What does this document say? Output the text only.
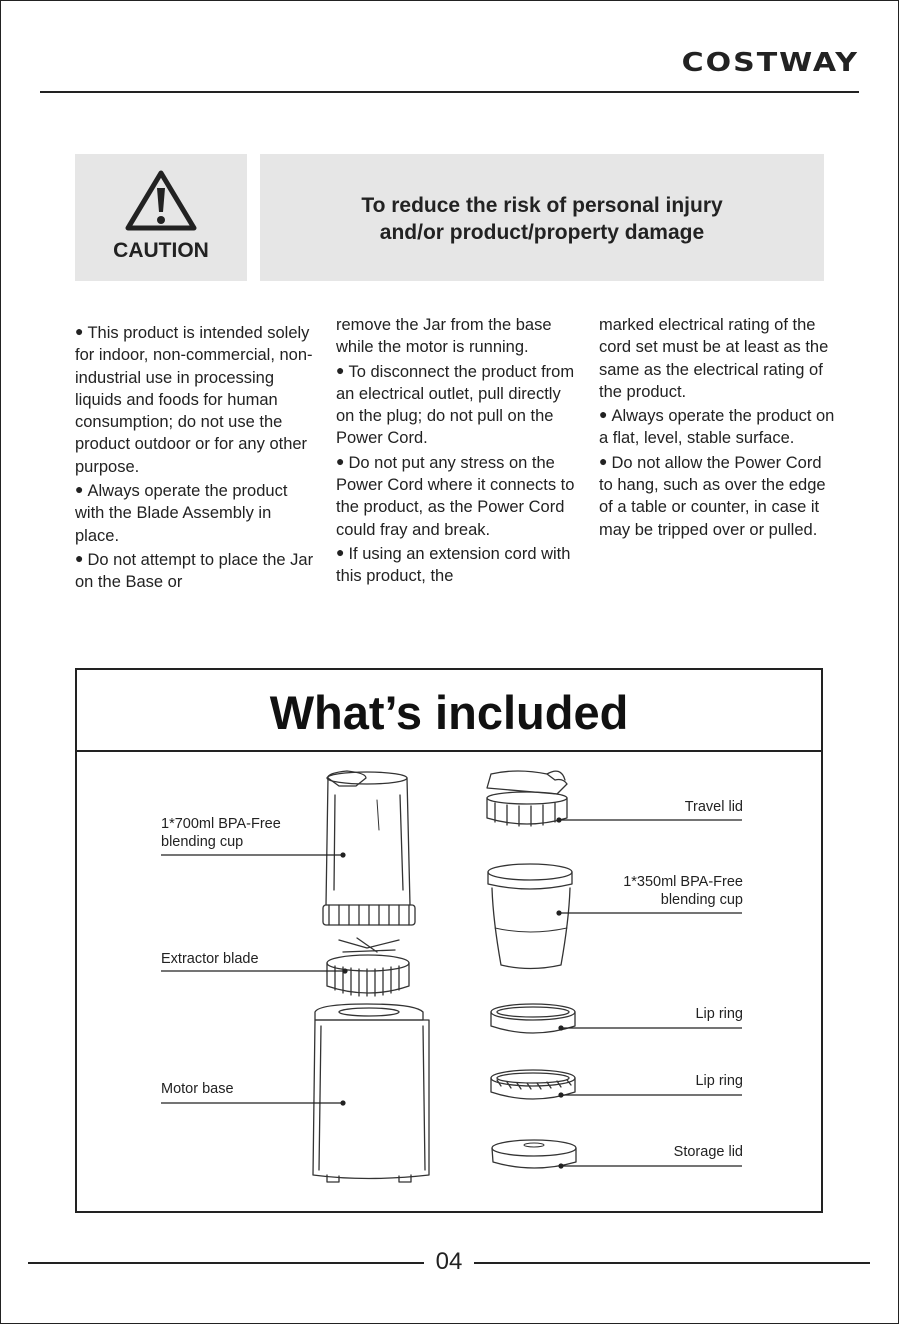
COSTWAY
CAUTION
To reduce the risk of personal injury
and/or product/property damage

● This product is intended solely for indoor, non-commercial, non-industrial use in processing liquids and foods for human consumption; do not use the product outdoor or for any other purpose.

● Always operate the product with the Blade Assembly in place.

● Do not attempt to place the Jar on the Base or

remove the Jar from the base while the motor is running.

● To disconnect the product from an electrical outlet, pull directly on the plug; do not pull on the Power Cord.

● Do not put any stress on the Power Cord where it connects to the product, as the Power Cord could fray and break.

● If using an extension cord with this product, the

marked electrical rating of the cord set must be at least as the same as the electrical rating of the product.

● Always operate the product on a flat, level, stable surface.

● Do not allow the Power Cord to hang, such as over the edge of a table or counter, in case it may be tripped over or pulled.

What’s included
1*700ml BPA-Free
blending cup
Extractor blade
Motor base
Travel lid
1*350ml BPA-Free
blending cup
Lip ring
Lip ring
Storage lid
04
